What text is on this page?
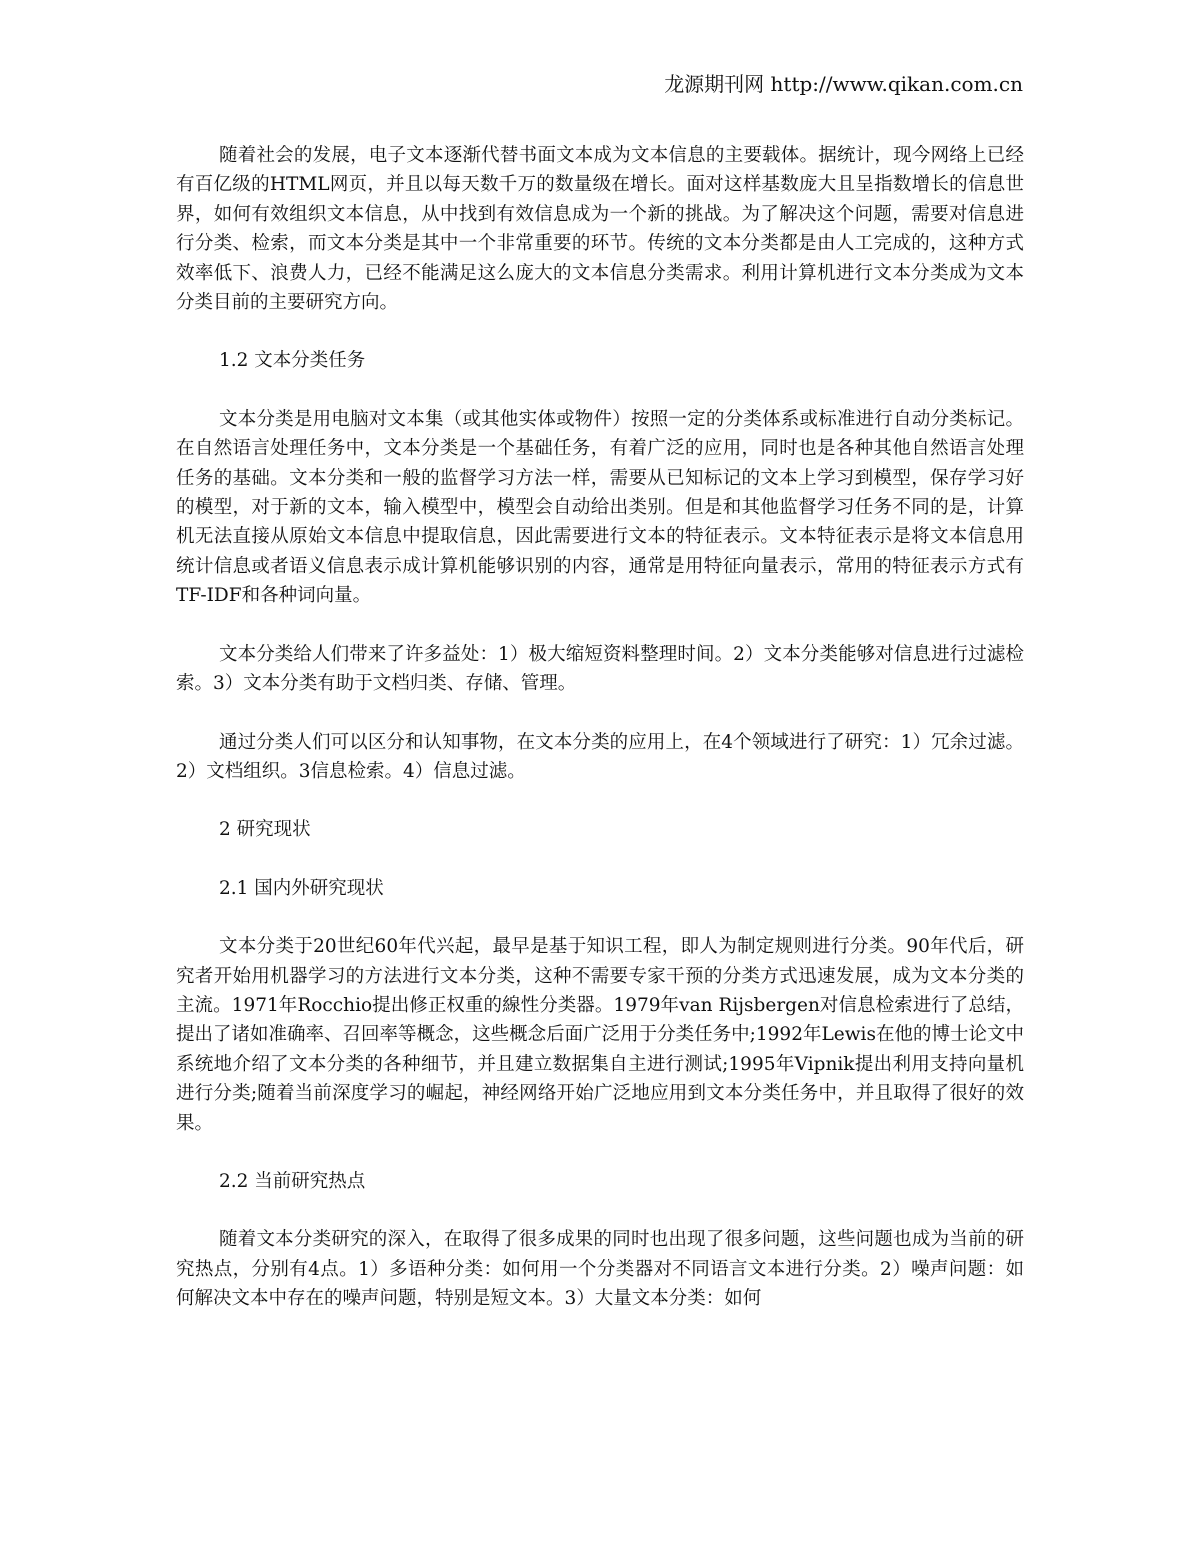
龙源期刊网 http://www.qikan.com.cn

随着社会的发展，电子文本逐渐代替书面文本成为文本信息的主要载体。据统计，现今网络上已经有百亿级的HTML网页，并且以每天数千万的数量级在增长。面对这样基数庞大且呈指数增长的信息世界，如何有效组织文本信息，从中找到有效信息成为一个新的挑战。为了解决这个问题，需要对信息进行分类、检索，而文本分类是其中一个非常重要的环节。传统的文本分类都是由人工完成的，这种方式效率低下、浪费人力，已经不能满足这么庞大的文本信息分类需求。利用计算机进行文本分类成为文本分类目前的主要研究方向。

1.2 文本分类任务

文本分类是用电脑对文本集（或其他实体或物件）按照一定的分类体系或标准进行自动分类标记。在自然语言处理任务中，文本分类是一个基础任务，有着广泛的应用，同时也是各种其他自然语言处理任务的基础。文本分类和一般的监督学习方法一样，需要从已知标记的文本上学习到模型，保存学习好的模型，对于新的文本，输入模型中，模型会自动给出类别。但是和其他监督学习任务不同的是，计算机无法直接从原始文本信息中提取信息，因此需要进行文本的特征表示。文本特征表示是将文本信息用统计信息或者语义信息表示成计算机能够识别的内容，通常是用特征向量表示，常用的特征表示方式有TF-IDF和各种词向量。

文本分类给人们带来了许多益处：1）极大缩短资料整理时间。2）文本分类能够对信息进行过滤检索。3）文本分类有助于文档归类、存储、管理。

通过分类人们可以区分和认知事物，在文本分类的应用上，在4个领域进行了研究：1）冗余过滤。2）文档组织。3信息检索。4）信息过滤。

2 研究现状

2.1 国内外研究现状

文本分类于20世纪60年代兴起，最早是基于知识工程，即人为制定规则进行分类。90年代后，研究者开始用机器学习的方法进行文本分类，这种不需要专家干预的分类方式迅速发展，成为文本分类的主流。1971年Rocchio提出修正权重的線性分类器。1979年van Rijsbergen对信息检索进行了总结，提出了诸如准确率、召回率等概念，这些概念后面广泛用于分类任务中;1992年Lewis在他的博士论文中系统地介绍了文本分类的各种细节，并且建立数据集自主进行测试;1995年Vipnik提出利用支持向量机进行分类;随着当前深度学习的崛起，神经网络开始广泛地应用到文本分类任务中，并且取得了很好的效果。

2.2 当前研究热点

随着文本分类研究的深入，在取得了很多成果的同时也出现了很多问题，这些问题也成为当前的研究热点，分别有4点。1）多语种分类：如何用一个分类器对不同语言文本进行分类。2）噪声问题：如何解决文本中存在的噪声问题，特别是短文本。3）大量文本分类：如何
